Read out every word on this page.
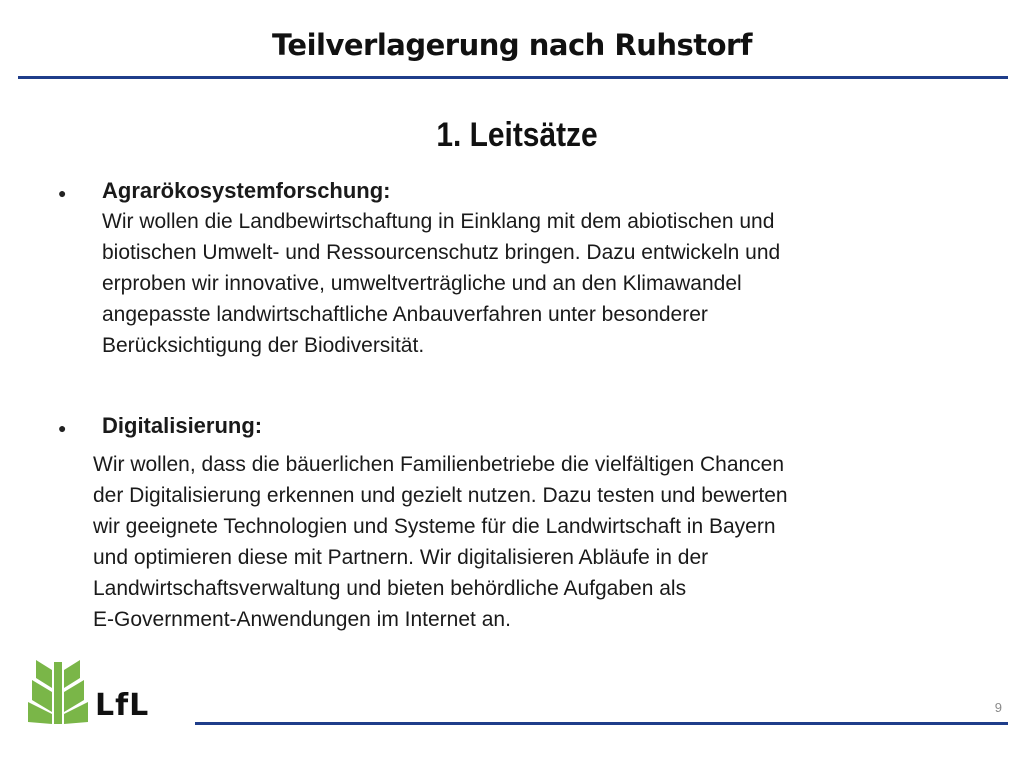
Teilverlagerung nach Ruhstorf
1. Leitsätze
● Agrarökosystemforschung:
Wir wollen die Landbewirtschaftung in Einklang mit dem abiotischen und
biotischen Umwelt- und Ressourcenschutz bringen. Dazu entwickeln und
erproben wir innovative, umweltverträgliche und an den Klimawandel
angepasste landwirtschaftliche Anbauverfahren unter besonderer
Berücksichtigung der Biodiversität.
● Digitalisierung:
Wir wollen, dass die bäuerlichen Familienbetriebe die vielfältigen Chancen
der Digitalisierung erkennen und gezielt nutzen. Dazu testen und bewerten
wir geeignete Technologien und Systeme für die Landwirtschaft in Bayern
und optimieren diese mit Partnern. Wir digitalisieren Abläufe in der
Landwirtschaftsverwaltung und bieten behördliche Aufgaben als
E-Government-Anwendungen im Internet an.
LfL	9
